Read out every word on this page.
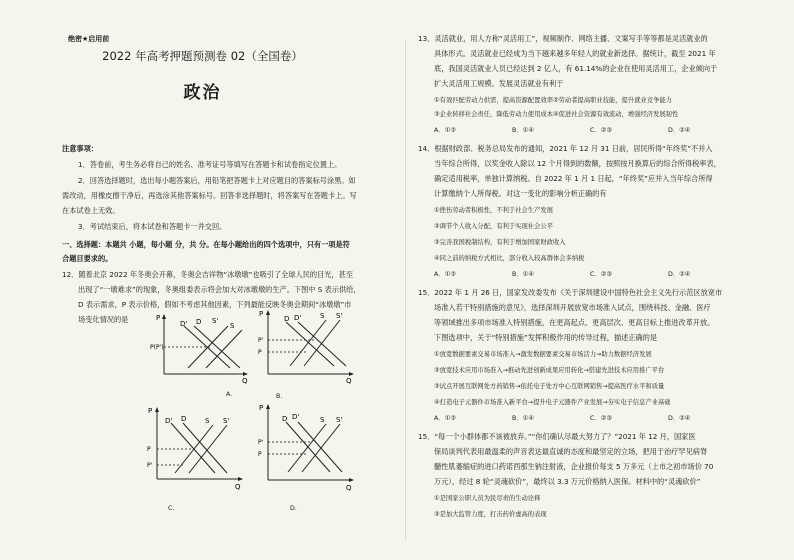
绝密★启用前
2022 年高考押题预测卷 02（全国卷）
政治
注意事项：
1．答卷前，考生务必将自己的姓名、准考证号等填写在答题卡和试卷指定位置上。
2．回答选择题时，选出每小题答案后，用铅笔把答题卡上对应题目的答案标号涂黑。如
需改动，用橡皮擦干净后，再选涂其他答案标号。回答非选择题时，将答案写在答题卡上。写
在本试卷上无效。
3．考试结束后，将本试卷和答题卡一并交回。
一、选择题：本题共 小题，每小题 分，共 分。在每小题给出的四个选项中，只有一项是符
合题目要求的。
12．随着北京 2022 年冬奥会开幕，冬奥会吉祥物“冰墩墩”也吸引了全球人民的目光，甚至
出现了“一墩难求”的现象，冬奥组委表示将会加大对冰墩墩的生产。下图中 S 表示供给，
D 表示需求，P 表示价格，假如不考虑其他因素，下列最能反映冬奥会期间“冰墩墩”市
场变化情况的是	P
Q
D' D S'
S
P(P')
A.
P
Q
D D'	S S'
P'
P
B.
P
Q
D' D	S S'
P
P'
C.
P
Q
D D'	S S'
P'
P
D.
13．灵活就业，用人方称“灵活用工”，视频制作、网络主播、文案写手等等都是灵活就业的
具体形式。灵活就业已经成为当下越来越多年轻人的就业新选择。据统计，截至 2021 年
底，我国灵活就业人员已经达到 2 亿人，有 61.14%的企业在使用灵活用工，企业倾向于
扩大灵活用工规模。发展灵活就业有利于
①有效匹配劳动力供需，提高资源配置效率②劳动者提高职业技能，提升就业竞争能力
③企业转移社会责任，降低劳动力使用成本④促进社会资源有效流动，增强经济发展韧性
A．①③	B．①④	C．②③	D．②④
14．根据财政部、税务总局发布的通知，2021 年 12 月 31 日前，居民所得“年终奖”不并入
当年综合所得，以奖金收入除以 12 个月得到的数额，按照按月换算后的综合所得税率表，
确定适用税率，单独计算纳税。自 2022 年 1 月 1 日起，“年终奖”应并入当年综合所得
计算缴纳个人所得税。对这一变化的影响分析正确的有
①挫伤劳动者积极性，不利于社会生产发展
②调节个人收入分配，有利于实现社会公平
③完善我国税制结构，有利于增加国家财政收入
④同之前的纳税方式相比，部分收入较高群体会多纳税
A．①③	B．①④	C．②③	D．②④
15．2022 年 1 月 26 日，国家发改委发布《关于深圳建设中国特色社会主义先行示范区放宽市
场准入若干特别措施的意见》，选择深圳开展放宽市场准入试点，围绕科技、金融、医疗
等领域推出多项市场准入特别措施，在更高起点、更高层次、更高目标上推进改革开放。
下图选项中，关于“特别措施”发挥积极作用的传导过程，描述正确的是
①放宽数据要素交易市场准入→激发数据要素交易市场活力→助力数据经济发展
②放宽技术应用市场准入→推动先进创新成果应用转化→搭建先进技术应用推广平台
③试点开展互联网处方药销售→依托电子处方中心互联网销售→提高医疗水平和质量
④打造电子元器件市场准入新平台→提升电子元器件产业发展→夯实电子信息产业基础
A．①③	B．①④	C．②③	D．②④
15．“每一个小群体都不该被放弃。”“你们确认尽最大努力了？”2021 年 12 月，国家医
保局谈判代表用最温柔的声音表达最直诚的态度和最坚定的立场，把用于治疗罕见病脊
髓性肌萎缩症的进口药诺西那生钠注射液，企业报价每支 5 万多元（上市之初市场价 70
万元），经过 8 轮“灵魂砍价”，最终以 3.3 万元价格纳入医保。材料中的“灵魂砍价”
①是国家公职人员为民尽责的生动诠释
②是加大监管力度，打击药价虚高的表现
